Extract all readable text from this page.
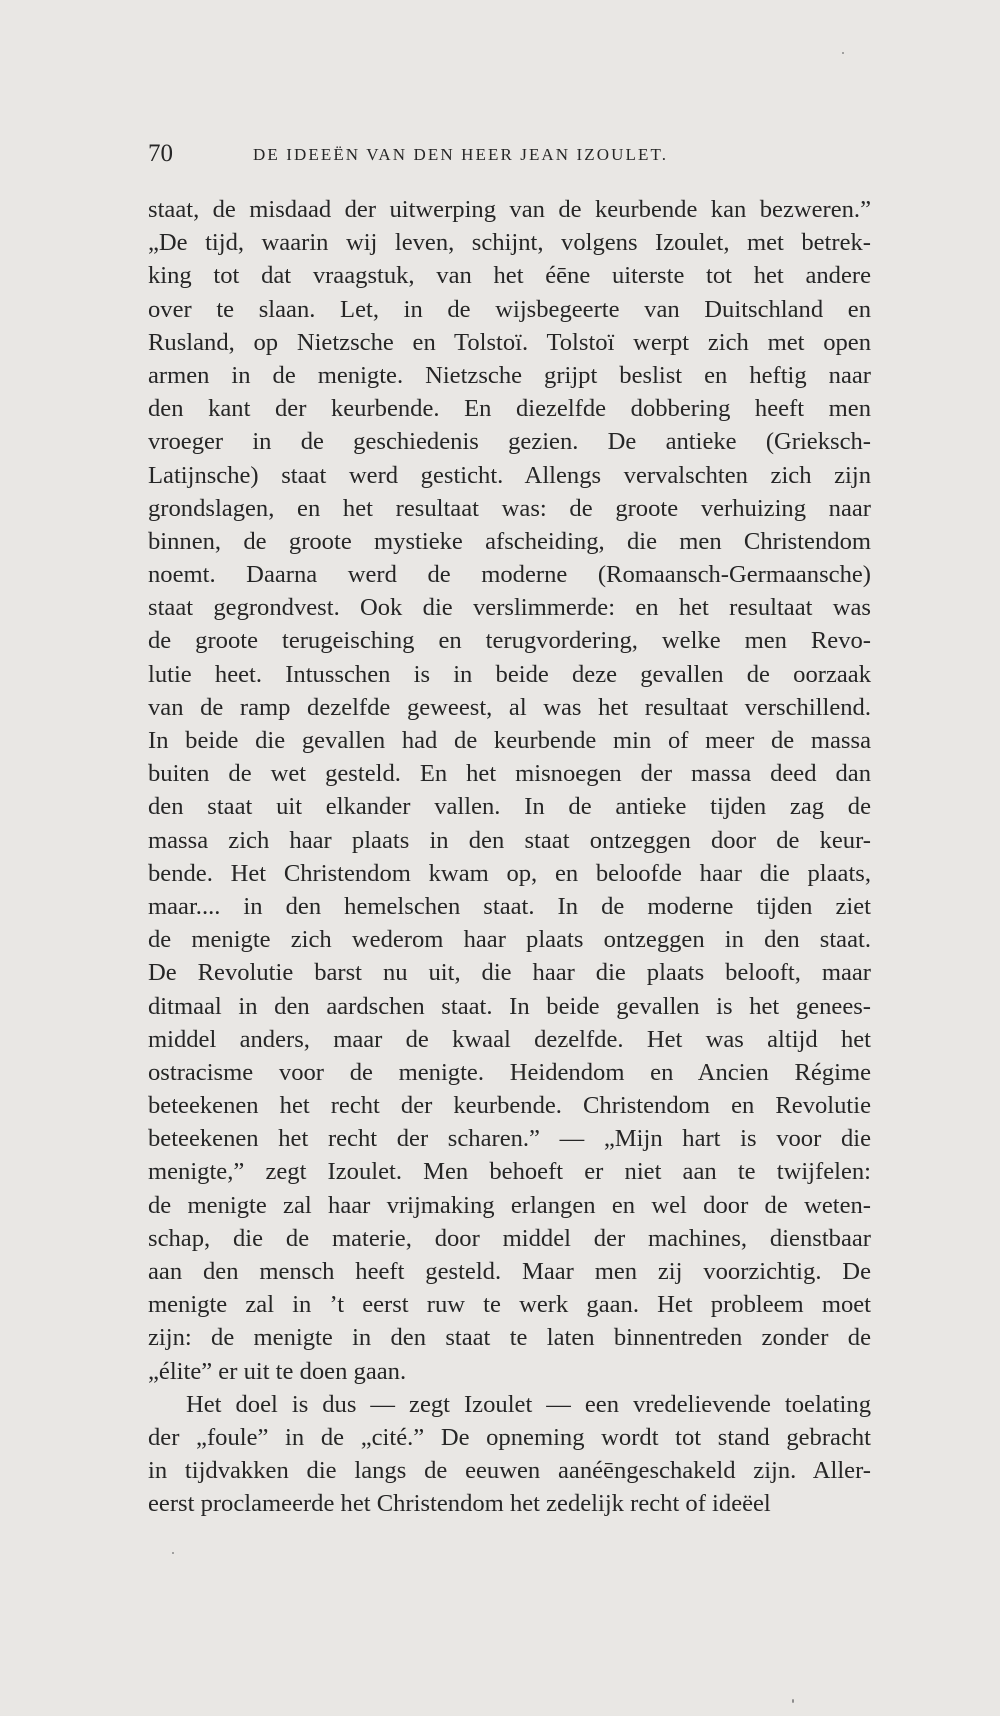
70	DE IDEEËN VAN DEN HEER JEAN IZOULET.
staat, de misdaad der uitwerping van de keurbende kan bezweren.”
„De tijd, waarin wij leven, schijnt, volgens Izoulet, met betrek-
king tot dat vraagstuk, van het éēne uiterste tot het andere
over te slaan. Let, in de wijsbegeerte van Duitschland en
Rusland, op Nietzsche en Tolstoï. Tolstoï werpt zich met open
armen in de menigte. Nietzsche grijpt beslist en heftig naar
den kant der keurbende. En diezelfde dobbering heeft men
vroeger in de geschiedenis gezien. De antieke (Grieksch-
Latijnsche) staat werd gesticht. Allengs vervalschten zich zijn
grondslagen, en het resultaat was: de groote verhuizing naar
binnen, de groote mystieke afscheiding, die men Christendom
noemt. Daarna werd de moderne (Romaansch-Germaansche)
staat gegrondvest. Ook die verslimmerde: en het resultaat was
de groote terugeisching en terugvordering, welke men Revo-
lutie heet. Intusschen is in beide deze gevallen de oorzaak
van de ramp dezelfde geweest, al was het resultaat verschillend.
In beide die gevallen had de keurbende min of meer de massa
buiten de wet gesteld. En het misnoegen der massa deed dan
den staat uit elkander vallen. In de antieke tijden zag de
massa zich haar plaats in den staat ontzeggen door de keur-
bende. Het Christendom kwam op, en beloofde haar die plaats,
maar.... in den hemelschen staat. In de moderne tijden ziet
de menigte zich wederom haar plaats ontzeggen in den staat.
De Revolutie barst nu uit, die haar die plaats belooft, maar
ditmaal in den aardschen staat. In beide gevallen is het genees-
middel anders, maar de kwaal dezelfde. Het was altijd het
ostracisme voor de menigte. Heidendom en Ancien Régime
beteekenen het recht der keurbende. Christendom en Revolutie
beteekenen het recht der scharen.” — „Mijn hart is voor die
menigte,” zegt Izoulet. Men behoeft er niet aan te twijfelen:
de menigte zal haar vrijmaking erlangen en wel door de weten-
schap, die de materie, door middel der machines, dienstbaar
aan den mensch heeft gesteld. Maar men zij voorzichtig. De
menigte zal in ’t eerst ruw te werk gaan. Het probleem moet
zijn: de menigte in den staat te laten binnentreden zonder de
„élite” er uit te doen gaan.
Het doel is dus — zegt Izoulet — een vredelievende toelating
der „foule” in de „cité.” De opneming wordt tot stand gebracht
in tijdvakken die langs de eeuwen aanéēngeschakeld zijn. Aller-
eerst proclameerde het Christendom het zedelijk recht of ideëel
